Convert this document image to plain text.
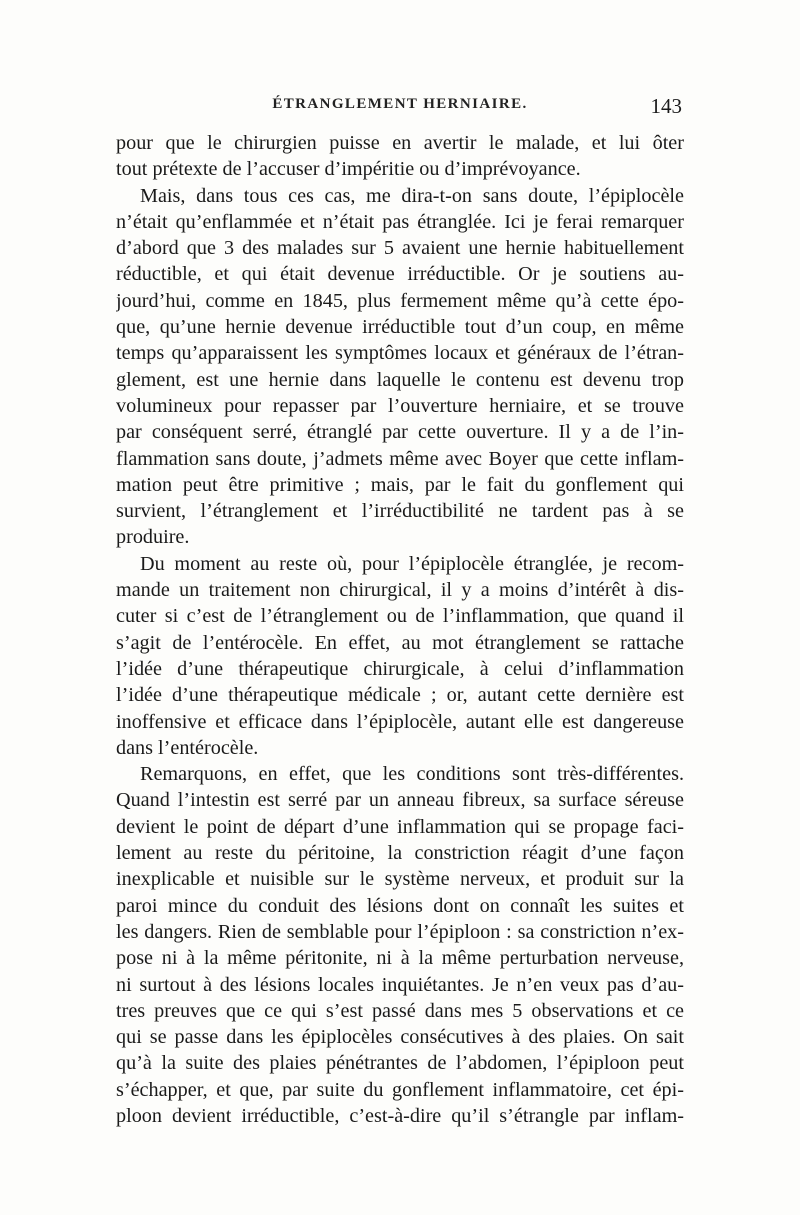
ÉTRANGLEMENT HERNIAIRE.	143
pour que le chirurgien puisse en avertir le malade, et lui ôter
tout prétexte de l’accuser d’impéritie ou d’imprévoyance.
Mais, dans tous ces cas, me dira-t-on sans doute, l’épiplocèle
n’était qu’enflammée et n’était pas étranglée. Ici je ferai remarquer
d’abord que 3 des malades sur 5 avaient une hernie habituellement
réductible, et qui était devenue irréductible. Or je soutiens au-
jourd’hui, comme en 1845, plus fermement même qu’à cette épo-
que, qu’une hernie devenue irréductible tout d’un coup, en même
temps qu’apparaissent les symptômes locaux et généraux de l’étran-
glement, est une hernie dans laquelle le contenu est devenu trop
volumineux pour repasser par l’ouverture herniaire, et se trouve
par conséquent serré, étranglé par cette ouverture. Il y a de l’in-
flammation sans doute, j’admets même avec Boyer que cette inflam-
mation peut être primitive ; mais, par le fait du gonflement qui
survient, l’étranglement et l’irréductibilité ne tardent pas à se
produire.
Du moment au reste où, pour l’épiplocèle étranglée, je recom-
mande un traitement non chirurgical, il y a moins d’intérêt à dis-
cuter si c’est de l’étranglement ou de l’inflammation, que quand il
s’agit de l’entérocèle. En effet, au mot étranglement se rattache
l’idée d’une thérapeutique chirurgicale, à celui d’inflammation
l’idée d’une thérapeutique médicale ; or, autant cette dernière est
inoffensive et efficace dans l’épiplocèle, autant elle est dangereuse
dans l’entérocèle.
Remarquons, en effet, que les conditions sont très-différentes.
Quand l’intestin est serré par un anneau fibreux, sa surface séreuse
devient le point de départ d’une inflammation qui se propage faci-
lement au reste du péritoine, la constriction réagit d’une façon
inexplicable et nuisible sur le système nerveux, et produit sur la
paroi mince du conduit des lésions dont on connaît les suites et
les dangers. Rien de semblable pour l’épiploon : sa constriction n’ex-
pose ni à la même péritonite, ni à la même perturbation nerveuse,
ni surtout à des lésions locales inquiétantes. Je n’en veux pas d’au-
tres preuves que ce qui s’est passé dans mes 5 observations et ce
qui se passe dans les épiplocèles consécutives à des plaies. On sait
qu’à la suite des plaies pénétrantes de l’abdomen, l’épiploon peut
s’échapper, et que, par suite du gonflement inflammatoire, cet épi-
ploon devient irréductible, c’est-à-dire qu’il s’étrangle par inflam-
